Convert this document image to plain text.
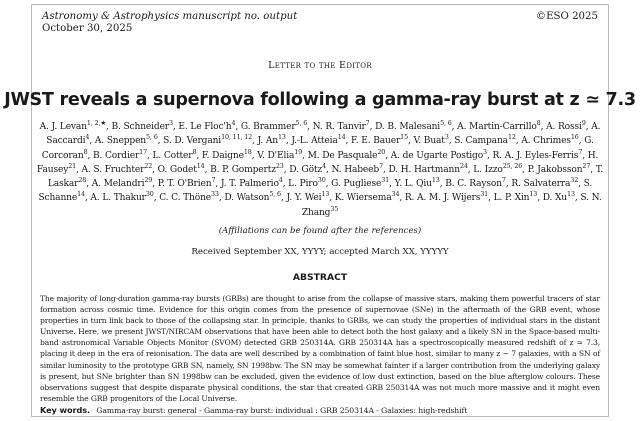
Astronomy & Astrophysics manuscript no. output
October 30, 2025
©ESO 2025
Letter to the Editor
JWST reveals a supernova following a gamma-ray burst at z ≃ 7.3
A. J. Levan$^{1, 2,★}$, B. Schneider$^3$, E. Le $Floc'h^4$, G. Brammer$^{5, 6}$, N. R. Tanvir$^7$, D. B. Malesani$^{5, 6}$, A. Martin-Carrillo$^8$, A. Rossi$^9$, A. Saccardi$^4$, A. Sneppen$^{5, 6}$, S. D. Vergani$^{10, 11, 12}$, J. An$^{13}$, J.-L. Atteia$^{14}$, F. E. Bauer$^{15}$, V. Buat$^3$, S. Campana$^{12}$, A. Chrimes$^{16}$, G. Corcoran$^8$, B. Cordier$^{17}$, L. Cotter$^8$, F. Daigne$^{18}$, V. D'Elia$^{19}$, M. De Pasquale$^{20}$, A. de Ugarte Postigo$^3$, R. A. J. Eyles-Ferris$^7$, H. Fausey$^{21}$, A. S. Fruchter$^{22}$, O. Godet$^{14}$, B. P. Gompertz$^{23}$, D. Götz$^4$, N. Habeeb$^7$, D. H. Hartmann$^{24}$, L. Izzo$^{25, 26}$, P. Jakobsson$^{27}$, T. Laskar$^{28}$, A. Melandri$^{29}$, P. T. O'Brien$^7$, J. T. Palmerio$^4$, L. Piro$^{30}$, G. Pugliese$^{31}$, Y. L. Qiu$^{13}$, B. C. Rayson$^7$, R. Salvaterra$^{32}$, S. Schanne$^{14}$, A. L. Thakur$^{30}$, C. C. Thöne$^{33}$, D. Watson$^{5, 6}$, J. Y. Wei$^{13}$, K. Wiersema$^{34}$, R. A. M. J. Wijers$^{31}$, L. P. Xin$^{13}$, D. Xu$^{13}$, S. N. Zhang$^{35}$
(Affiliations can be found after the references)
Received September XX, YYYY; accepted March XX, YYYYY
ABSTRACT

The majority of long-duration gamma-ray bursts (GRBs) are thought to arise from the collapse of massive stars, making them powerful tracers of star formation across cosmic time. Evidence for this origin comes from the presence of supernovae (SNe) in the aftermath of the GRB event, whose properties in turn link back to those of the collapsing star. In principle, thanks to GRBs, we can study the properties of individual stars in the distant Universe. Here, we present JWST/NIRCAM observations that have been able to detect both the host galaxy and a likely SN in the Space-based multi-band astronomical Variable Objects Monitor (SVOM) detected GRB 250314A. GRB 250314A has a spectroscopically measured redshift of z ≃ 7.3, placing it deep in the era of reionisation. The data are well described by a combination of faint blue host, similar to many z ∼ 7 galaxies, with a SN of similar luminosity to the prototype GRB SN, namely, SN 1998bw. The SN may be somewhat fainter if a larger contribution from the underlying galaxy is present, but SNe brighter than SN 1998bw can be excluded, given the evidence of low dust extinction, based on the blue afterglow colours. These observations suggest that despite disparate physical conditions, the star that created GRB 250314A was not much more massive and it might even resemble the GRB progenitors of the Local Universe.

Key words. Gamma-ray burst: general - Gamma-ray burst: individual : GRB 250314A - Galaxies: high-redshift
